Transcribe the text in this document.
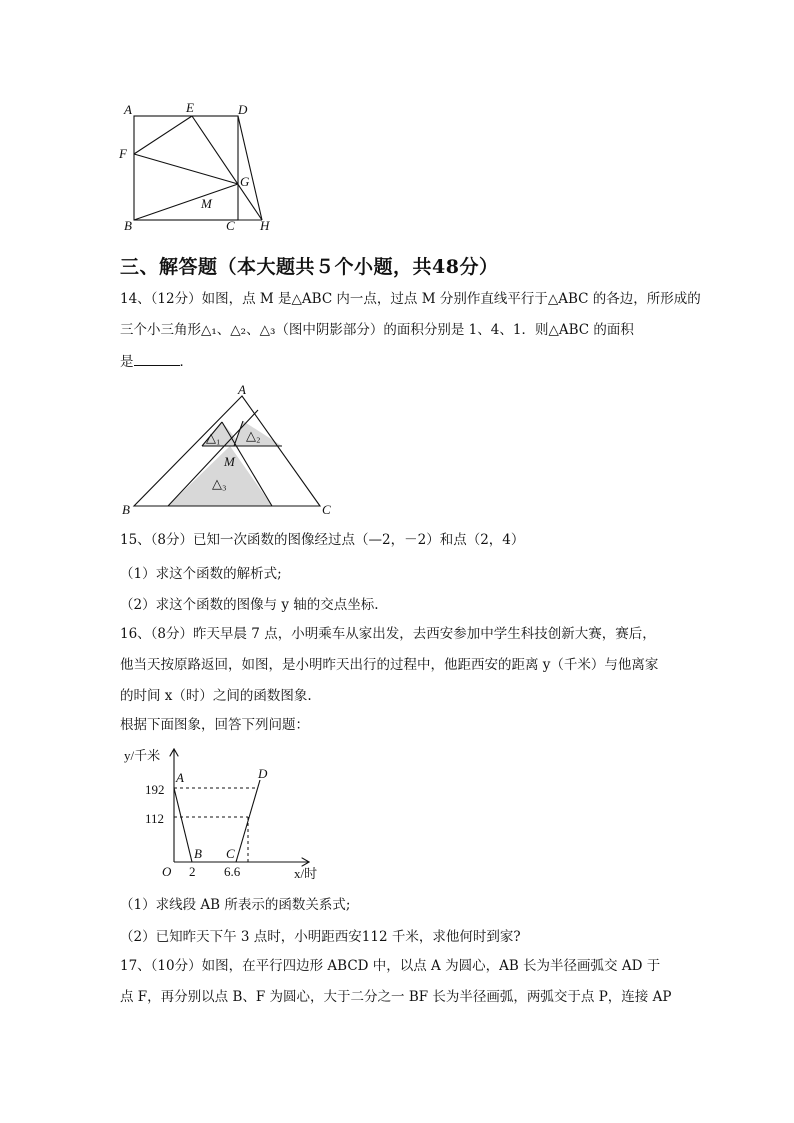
A	E	D
F
G
M
B	C H
三、解答题（本大题共５个小题，共48分）
14、（12分）如图，点 M 是△ABC 内一点，过点 M 分别作直线平行于△ABC 的各边，所形成的
三个小三角形△₁、△₂、△₃（图中阴影部分）的面积分别是 1、4、1．则△ABC 的面积
是	．
A
B	C
M
△₁ △₂
△₃
15、（8分）已知一次函数的图像经过点（—2，－2）和点（2，4）
（1）求这个函数的解析式;
（2）求这个函数的图像与 y 轴的交点坐标.
16、（8分）昨天早晨 7 点，小明乘车从家出发，去西安参加中学生科技创新大赛，赛后，
他当天按原路返回，如图，是小明昨天出行的过程中，他距西安的距离 y（千米）与他离家
的时间 x（时）之间的函数图象.
根据下面图象，回答下列问题：
y/千米
x/时
O
192
112
2 6.6
A
B C
D
（1）求线段 AB 所表示的函数关系式;
（2）已知昨天下午 3 点时，小明距西安112 千米，求他何时到家?
17、（10分）如图，在平行四边形 ABCD 中，以点 A 为圆心，AB 长为半径画弧交 AD 于
点 F，再分别以点 B、F 为圆心，大于二分之一 BF 长为半径画弧，两弧交于点 P，连接 AP
